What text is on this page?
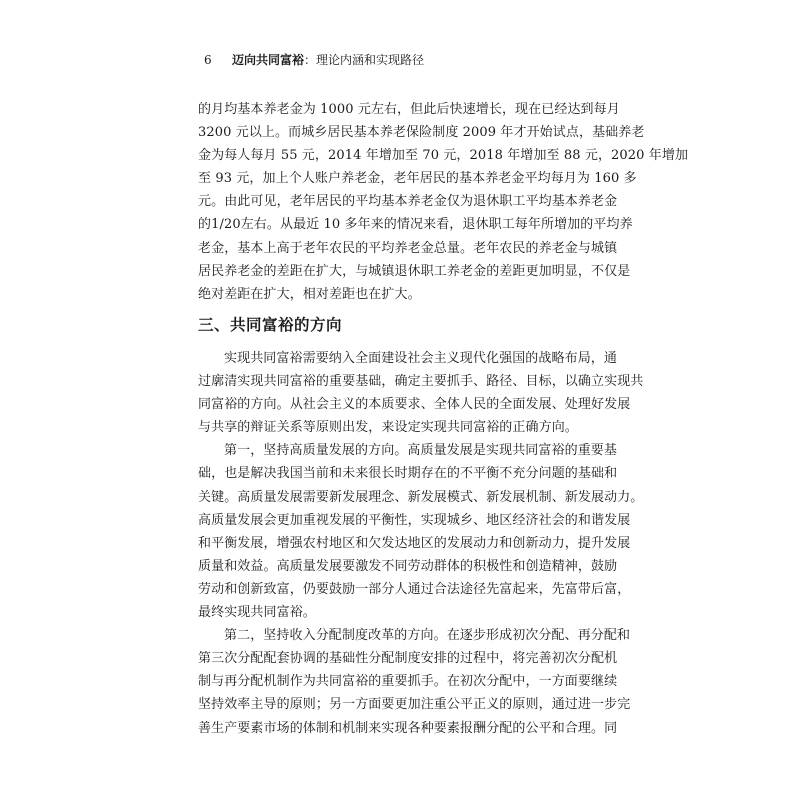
6 迈向共同富裕：理论内涵和实现路径
的月均基本养老金为 1000 元左右，但此后快速增长，现在已经达到每月
3200 元以上。而城乡居民基本养老保险制度 2009 年才开始试点，基础养老
金为每人每月 55 元，2014 年增加至 70 元，2018 年增加至 88 元，2020 年增加
至 93 元，加上个人账户养老金，老年居民的基本养老金平均每月为 160 多
元。由此可见，老年居民的平均基本养老金仅为退休职工平均基本养老金
的1/20左右。从最近 10 多年来的情况来看，退休职工每年所增加的平均养
老金，基本上高于老年农民的平均养老金总量。老年农民的养老金与城镇
居民养老金的差距在扩大，与城镇退休职工养老金的差距更加明显，不仅是
绝对差距在扩大，相对差距也在扩大。
三、共同富裕的方向
实现共同富裕需要纳入全面建设社会主义现代化强国的战略布局，通
过廓清实现共同富裕的重要基础，确定主要抓手、路径、目标，以确立实现共
同富裕的方向。从社会主义的本质要求、全体人民的全面发展、处理好发展
与共享的辩证关系等原则出发，来设定实现共同富裕的正确方向。
第一，坚持高质量发展的方向。高质量发展是实现共同富裕的重要基
础，也是解决我国当前和未来很长时期存在的不平衡不充分问题的基础和
关键。高质量发展需要新发展理念、新发展模式、新发展机制、新发展动力。
高质量发展会更加重视发展的平衡性，实现城乡、地区经济社会的和谐发展
和平衡发展，增强农村地区和欠发达地区的发展动力和创新动力，提升发展
质量和效益。高质量发展要激发不同劳动群体的积极性和创造精神，鼓励
劳动和创新致富，仍要鼓励一部分人通过合法途径先富起来，先富带后富，
最终实现共同富裕。
第二，坚持收入分配制度改革的方向。在逐步形成初次分配、再分配和
第三次分配配套协调的基础性分配制度安排的过程中，将完善初次分配机
制与再分配机制作为共同富裕的重要抓手。在初次分配中，一方面要继续
坚持效率主导的原则；另一方面要更加注重公平正义的原则，通过进一步完
善生产要素市场的体制和机制来实现各种要素报酬分配的公平和合理。同
